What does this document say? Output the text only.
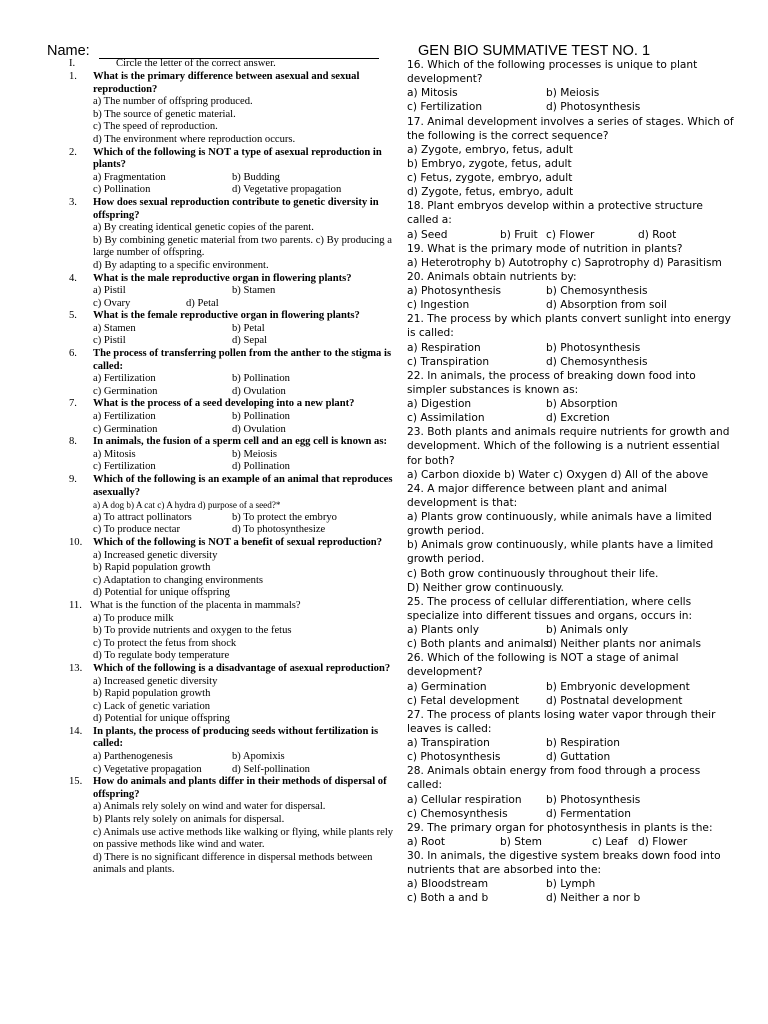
Name:	GEN BIO SUMMATIVE TEST NO. 1
I.	Circle the letter of the correct answer.
1. What is the primary difference between asexual and sexual reproduction?
a) The number of offspring produced.
b) The source of genetic material.
c) The speed of reproduction.
d) The environment where reproduction occurs.
2. Which of the following is NOT a type of asexual reproduction in plants?
a) Fragmentation	b) Budding
c) Pollination	d) Vegetative propagation
3. How does sexual reproduction contribute to genetic diversity in offspring?
a) By creating identical genetic copies of the parent.
b) By combining genetic material from two parents. c) By producing a large number of offspring.
d) By adapting to a specific environment.
4. What is the male reproductive organ in flowering plants?
a) Pistil	b) Stamen
c) Ovary	d) Petal
5. What is the female reproductive organ in flowering plants?
a) Stamen	b) Petal
c) Pistil	d) Sepal
6. The process of transferring pollen from the anther to the stigma is called:
a) Fertilization	b) Pollination
c) Germination	d) Ovulation
7. What is the process of a seed developing into a new plant?
a) Fertilization	b) Pollination
c) Germination	d) Ovulation
8. In animals, the fusion of a sperm cell and an egg cell is known as:
a) Mitosis	b) Meiosis
c) Fertilization	d) Pollination
9. Which of the following is an example of an animal that reproduces asexually?
a) A dog b) A cat c) A hydra d) purpose of a seed?*
a) To attract pollinators	b) To protect the embryo
c) To produce nectar	d) To photosynthesize
10. Which of the following is NOT a benefit of sexual reproduction?
a) Increased genetic diversity
b) Rapid population growth
c) Adaptation to changing environments
d) Potential for unique offspring
11. What is the function of the placenta in mammals?
a) To produce milk
b) To provide nutrients and oxygen to the fetus
c) To protect the fetus from shock
d) To regulate body temperature
13. Which of the following is a disadvantage of asexual reproduction?
a) Increased genetic diversity
b) Rapid population growth
c) Lack of genetic variation
d) Potential for unique offspring
14. In plants, the process of producing seeds without fertilization is called:
a) Parthenogenesis	b) Apomixis
c) Vegetative propagation	d) Self-pollination
15. How do animals and plants differ in their methods of dispersal of offspring?
a) Animals rely solely on wind and water for dispersal.
b) Plants rely solely on animals for dispersal.
c) Animals use active methods like walking or flying, while plants rely on passive methods like wind and water.
d) There is no significant difference in dispersal methods between animals and plants.
16. Which of the following processes is unique to plant development?
a) Mitosis	b) Meiosis
c) Fertilization	d) Photosynthesis
17. Animal development involves a series of stages. Which of the following is the correct sequence?
a) Zygote, embryo, fetus, adult
b) Embryo, zygote, fetus, adult
c) Fetus, zygote, embryo, adult
d) Zygote, fetus, embryo, adult
18. Plant embryos develop within a protective structure called a:
a) Seed	b) Fruit c) Flower	d) Root
19. What is the primary mode of nutrition in plants?
a) Heterotrophy b) Autotrophy c) Saprotrophy d) Parasitism
20. Animals obtain nutrients by:
a) Photosynthesis	b) Chemosynthesis
c) Ingestion	d) Absorption from soil
21. The process by which plants convert sunlight into energy is called:
a) Respiration	b) Photosynthesis
c) Transpiration	d) Chemosynthesis
22. In animals, the process of breaking down food into simpler substances is known as:
a) Digestion	b) Absorption
c) Assimilation	d) Excretion
23. Both plants and animals require nutrients for growth and development. Which of the following is a nutrient essential for both?
a) Carbon dioxide b) Water c) Oxygen d) All of the above
24. A major difference between plant and animal development is that:
a) Plants grow continuously, while animals have a limited growth period.
b) Animals grow continuously, while plants have a limited growth period.
c) Both grow continuously throughout their life.
D) Neither grow continuously.
25. The process of cellular differentiation, where cells specialize into different tissues and organs, occurs in:
a) Plants only	b) Animals only
c) Both plants and animals
d) Neither plants nor animals
26. Which of the following is NOT a stage of animal development?
a) Germination	b) Embryonic development
c) Fetal development	d) Postnatal development
27. The process of plants losing water vapor through their leaves is called:
a) Transpiration	b) Respiration
c) Photosynthesis	d) Guttation
28. Animals obtain energy from food through a process called:
a) Cellular respiration	b) Photosynthesis
c) Chemosynthesis	d) Fermentation
29. The primary organ for photosynthesis in plants is the:
a) Root	b) Stem	c) Leaf d) Flower
30. In animals, the digestive system breaks down food into nutrients that are absorbed into the:
a) Bloodstream	b) Lymph
c) Both a and b	d) Neither a nor b
